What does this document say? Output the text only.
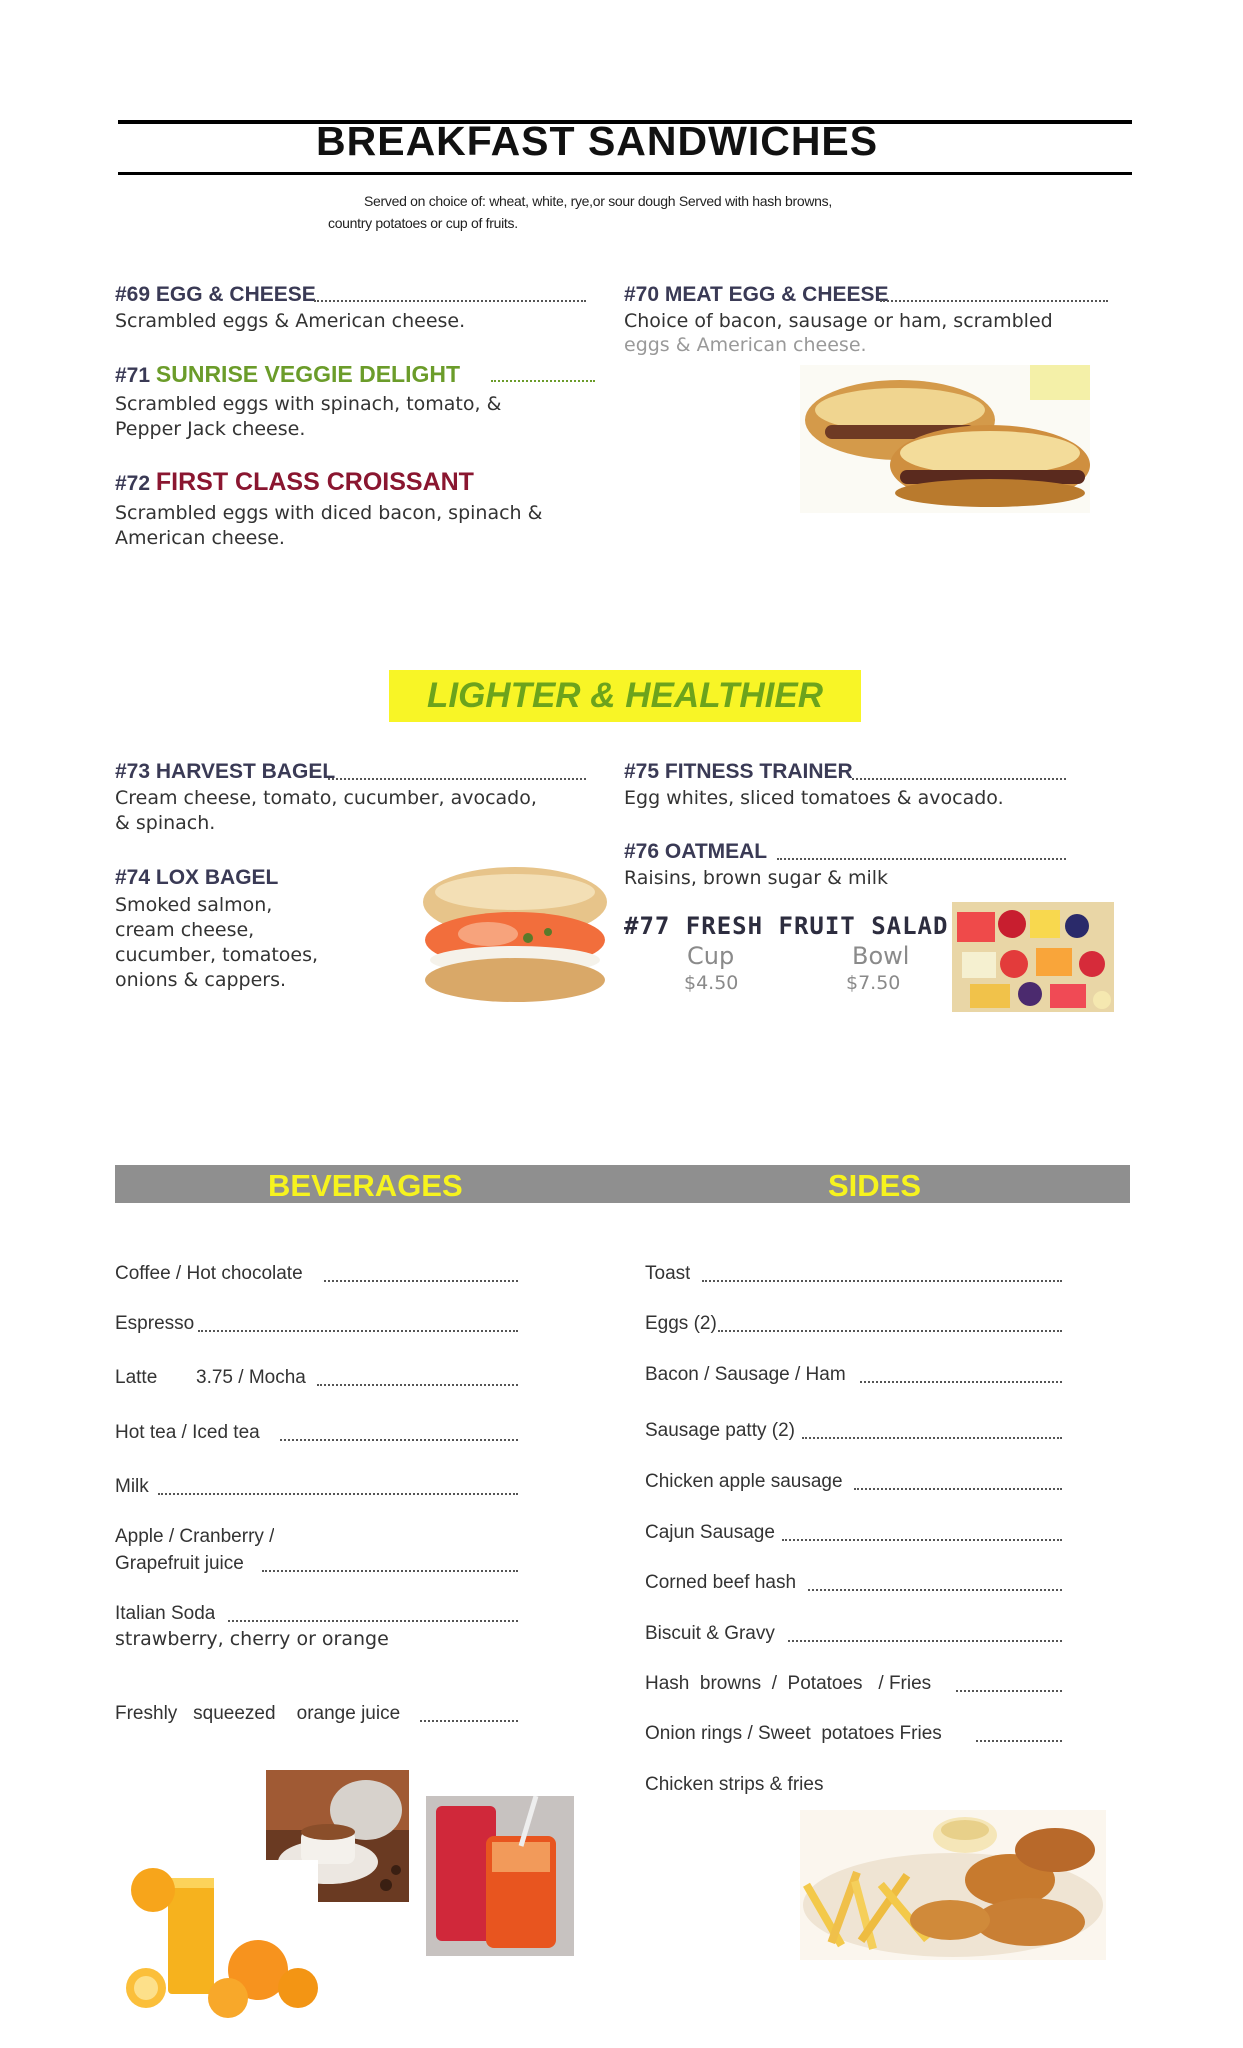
BREAKFAST SANDWICHES
Served on choice of: wheat, white, rye,or sour dough Served with hash browns,
country potatoes or cup of fruits.
#69 EGG & CHEESE
Scrambled eggs & American cheese.
#70 MEAT EGG & CHEESE
Choice of bacon, sausage or ham, scrambled
eggs & American cheese.
#71 SUNRISE VEGGIE DELIGHT
Scrambled eggs with spinach, tomato, &
Pepper Jack cheese.
#72 FIRST CLASS CROISSANT
Scrambled eggs with diced bacon, spinach &
American cheese.
LIGHTER & HEALTHIER
#73 HARVEST BAGEL
Cream cheese, tomato, cucumber, avocado,
& spinach.
#74 LOX BAGEL
Smoked salmon,
cream cheese,
cucumber, tomatoes,
onions & cappers.
#75 FITNESS TRAINER
Egg whites, sliced tomatoes & avocado.
#76 OATMEAL
Raisins, brown sugar & milk
#77 FRESH FRUIT SALAD
Cup	Bowl
$4.50	$7.50
BEVERAGES	SIDES
Coffee / Hot chocolate
Espresso
Latte 3.75 / Mocha
Hot tea / Iced tea
Milk
Apple / Cranberry /
Grapefruit juice
Italian Soda
strawberry, cherry or orange
Freshly   squeezed    orange juice
Toast
Eggs (2)
Bacon / Sausage / Ham
Sausage patty (2)
Chicken apple sausage
Cajun Sausage
Corned beef hash
Biscuit & Gravy
Hash  browns  /  Potatoes   / Fries
Onion rings / Sweet  potatoes Fries
Chicken strips & fries
